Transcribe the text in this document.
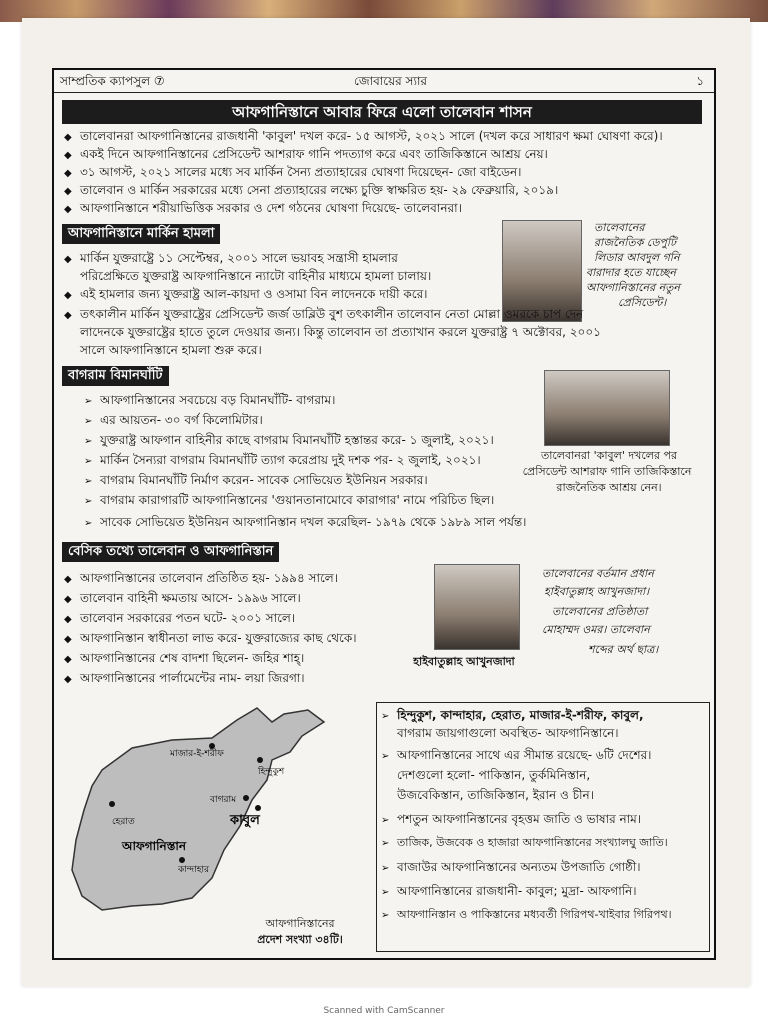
সাম্প্রতিক ক্যাপসুল ⑦	জোবায়ের স্যার	১
আফগানিস্তানে আবার ফিরে এলো তালেবান শাসন
◆ তালেবানরা আফগানিস্তানের রাজধানী 'কাবুল' দখল করে- ১৫ আগস্ট, ২০২১ সালে (দখল করে সাধারণ ক্ষমা ঘোষণা করে)।
◆ একই দিনে আফগানিস্তানের প্রেসিডেন্ট আশরাফ গানি পদত্যাগ করে এবং তাজিকিস্তানে আশ্রয় নেয়।
◆ ৩১ আগস্ট, ২০২১ সালের মধ্যে সব মার্কিন সৈন্য প্রত্যাহারের ঘোষণা দিয়েছেন- জো বাইডেন।
◆ তালেবান ও মার্কিন সরকারের মধ্যে সেনা প্রত্যাহারের লক্ষ্যে চুক্তি স্বাক্ষরিত হয়- ২৯ ফেব্রুয়ারি, ২০১৯।
◆ আফগানিস্তানে শরীয়াভিত্তিক সরকার ও দেশ গঠনের ঘোষণা দিয়েছে- তালেবানরা।
আফগানিস্তানে মার্কিন হামলা	তালেবানের
রাজনৈতিক ডেপুটি
লিডার আবদুল গনি
বারাদার হতে যাচ্ছেন
আফগানিস্তানের নতুন
প্রেসিডেন্ট।
◆ মার্কিন যুক্তরাষ্ট্রে ১১ সেপ্টেম্বর, ২০০১ সালে ভয়াবহ সন্ত্রাসী হামলার
পরিপ্রেক্ষিতে যুক্তরাষ্ট্র আফগানিস্তানে ন্যাটো বাহিনীর মাধ্যমে হামলা চালায়।
◆ এই হামলার জন্য যুক্তরাষ্ট্র আল-কায়দা ও ওসামা বিন লাদেনকে দায়ী করে।
◆ তৎকালীন মার্কিন যুক্তরাষ্ট্রের প্রেসিডেন্ট জর্জ ডাব্লিউ বুশ তৎকালীন তালেবান নেতা মোল্লা ওমরকে চাপ দেন
লাদেনকে যুক্তরাষ্ট্রের হাতে তুলে দেওয়ার জন্য। কিন্তু তালেবান তা প্রত্যাখান করলে যুক্তরাষ্ট্র ৭ অক্টোবর, ২০০১
সালে আফগানিস্তানে হামলা শুরু করে।
বাগরাম বিমানঘাঁটি
তালেবানরা 'কাবুল' দখলের পর
প্রেসিডেন্ট আশরাফ গানি তাজিকিস্তানে
রাজনৈতিক আশ্রয় নেন।
➢ আফগানিস্তানের সবচেয়ে বড় বিমানঘাঁটি- বাগরাম।
➢ এর আয়তন- ৩০ বর্গ কিলোমিটার।
➢ যুক্তরাষ্ট্র আফগান বাহিনীর কাছে বাগরাম বিমানঘাঁটি হস্তান্তর করে- ১ জুলাই, ২০২১।
➢ মার্কিন সৈন্যরা বাগরাম বিমানঘাঁটি ত্যাগ করেপ্রায় দুই দশক পর- ২ জুলাই, ২০২১।
➢ বাগরাম বিমানঘাঁটি নির্মাণ করেন- সাবেক সোভিয়েত ইউনিয়ন সরকার।
➢ বাগরাম কারাগারটি আফগানিস্তানের 'গুয়ানতানামোবে কারাগার' নামে পরিচিত ছিল।
➢ সাবেক সোভিয়েত ইউনিয়ন আফগানিস্তান দখল করেছিল- ১৯৭৯ থেকে ১৯৮৯ সাল পর্যন্ত।
বেসিক তথ্যে তালেবান ও আফগানিস্তান
◆ আফগানিস্তানের তালেবান প্রতিষ্ঠিত হয়- ১৯৯৪ সালে।
◆ তালেবান বাহিনী ক্ষমতায় আসে- ১৯৯৬ সালে।
◆ তালেবান সরকারের পতন ঘটে- ২০০১ সালে।
◆ আফগানিস্তান স্বাধীনতা লাভ করে- যুক্তরাজ্যের কাছ থেকে।
◆ আফগানিস্তানের শেষ বাদশা ছিলেন- জহির শাহ্।
◆ আফগানিস্তানের পার্লামেন্টের নাম- লয়া জিরগা।
হাইবাতুল্লাহ আখুনজাদা
তালেবানের বর্তমান প্রধান
হাইবাতুল্লাহ আখুনজাদা।
তালেবানের প্রতিষ্ঠাতা
মোহাম্মদ ওমর। তালেবান
শব্দের অর্থ ছাত্র।
মাজার-ই-শরীফ
হিন্দুকুশ
বাগরাম
কাবুল
হেরাত
কান্দাহার
আফগানিস্তান
আফগানিস্তানের
প্রদেশ সংখ্যা ৩৪টি।
➢ হিন্দুকুশ, কান্দাহার, হেরাত, মাজার-ই-শরীফ, কাবুল,
বাগরাম জায়গাগুলো অবস্থিত- আফগানিস্তানে।
➢ আফগানিস্তানের সাথে এর সীমান্ত রয়েছে- ৬টি দেশের।
দেশগুলো হলো- পাকিস্তান, তুর্কমিনিস্তান,
উজবেকিস্তান, তাজিকিস্তান, ইরান ও চীন।
➢ পশতুন আফগানিস্তানের বৃহত্তম জাতি ও ভাষার নাম।
➢ তাজিক, উজবেক ও হাজারা আফগানিস্তানের সংখ্যালঘু জাতি।
➢ বাজাউর আফগানিস্তানের অন্যতম উপজাতি গোষ্ঠী।
➢ আফগানিস্তানের রাজধানী- কাবুল; মুদ্রা- আফগানি।
➢ আফগানিস্তান ও পাকিস্তানের মধ্যবর্তী গিরিপথ-খাইবার গিরিপথ।
Scanned with CamScanner
